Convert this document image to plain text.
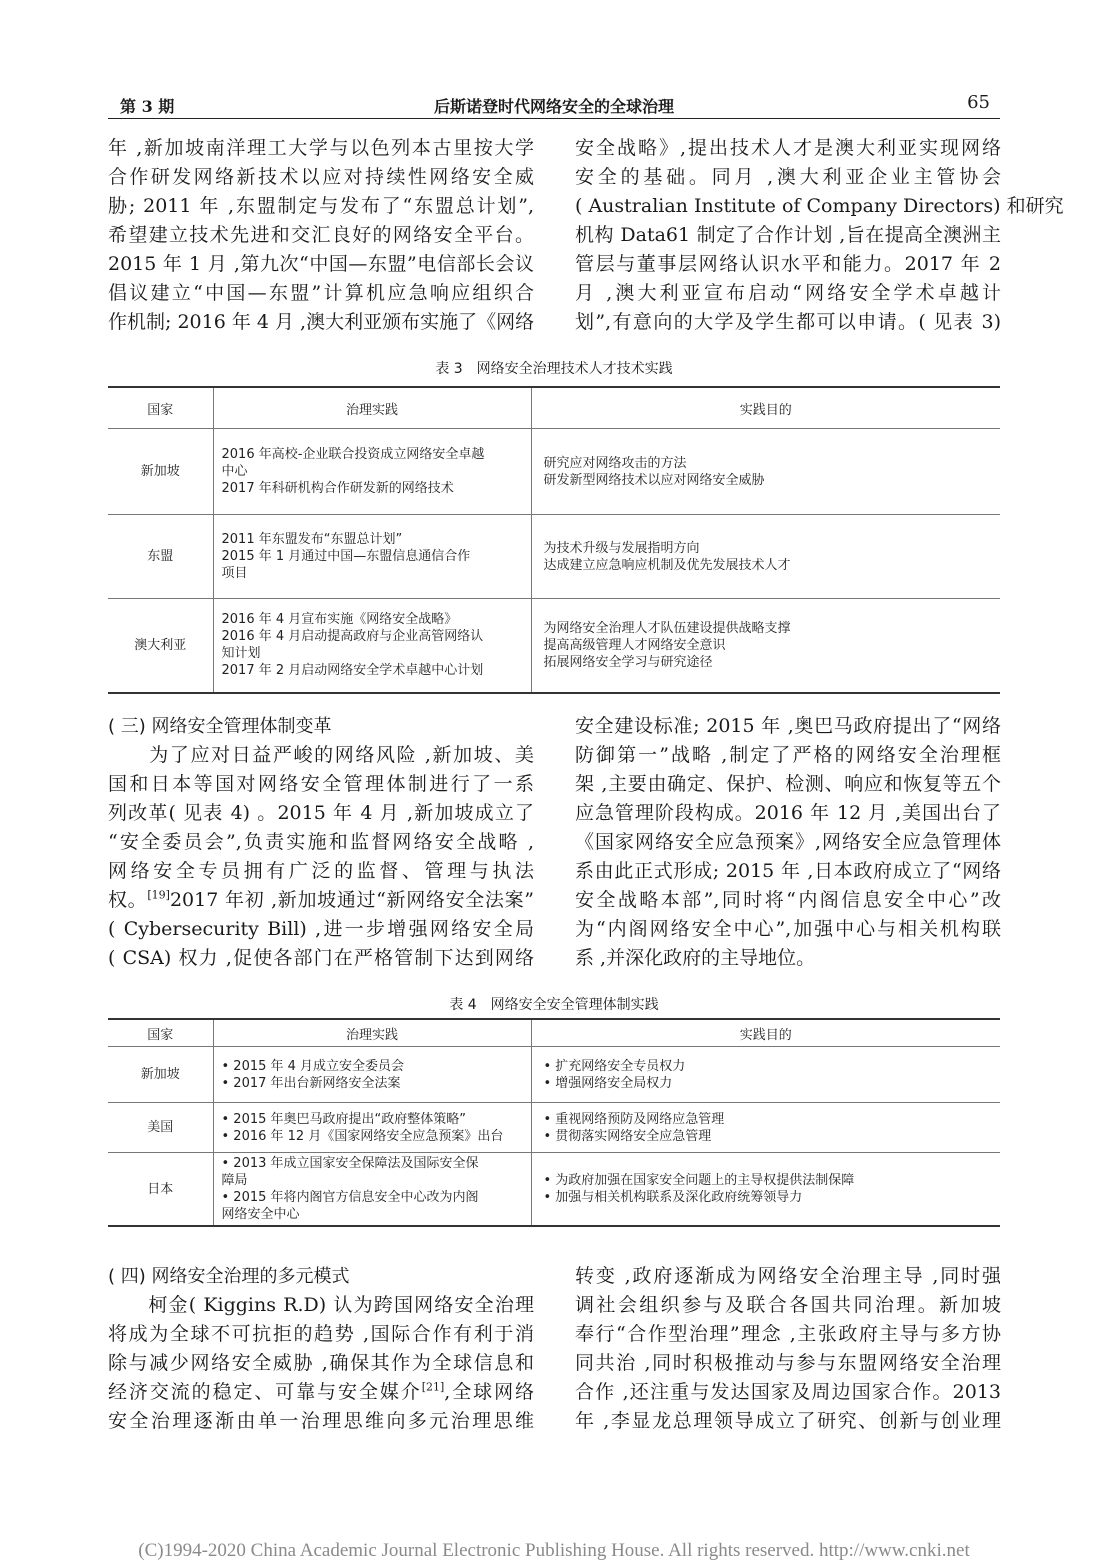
第 3 期	后斯诺登时代网络安全的全球治理	65
年 ,新加坡南洋理工大学与以色列本古里按大学
合作研发网络新技术以应对持续性网络安全威
胁; 2011 年 ,东盟制定与发布了“东盟总计划”,
希望建立技术先进和交汇良好的网络安全平台。
2015 年 1 月 ,第九次“中国—东盟”电信部长会议
倡议建立“中国—东盟”计算机应急响应组织合
作机制; 2016 年 4 月 ,澳大利亚颁布实施了《网络
安全战略》,提出技术人才是澳大利亚实现网络
安全的基础。同月 ,澳大利亚企业主管协会
( Australian Institute of Company Directors) 和研究
机构 Data61 制定了合作计划 ,旨在提高全澳洲主
管层与董事层网络认识水平和能力。2017 年 2
月 ,澳大利亚宣布启动“网络安全学术卓越计
划”,有意向的大学及学生都可以申请。( 见表 3)
表 3　网络安全治理技术人才技术实践
国家	治理实践	实践目的
新加坡	2016 年高校-企业联合投资成立网络安全卓越
中心
2017 年科研机构合作研发新的网络技术	研究应对网络攻击的方法
研发新型网络技术以应对网络安全威胁

东盟	2011 年东盟发布“东盟总计划”
2015 年 1 月通过中国—东盟信息通信合作
项目	为技术升级与发展指明方向
达成建立应急响应机制及优先发展技术人才

澳大利亚	2016 年 4 月宣布实施《网络安全战略》
2016 年 4 月启动提高政府与企业高管网络认
知计划
2017 年 2 月启动网络安全学术卓越中心计划	为网络安全治理人才队伍建设提供战略支撑
提高高级管理人才网络安全意识
拓展网络安全学习与研究途径
( 三) 网络安全管理体制变革
　　为了应对日益严峻的网络风险 ,新加坡、美
国和日本等国对网络安全管理体制进行了一系
列改革( 见表 4) 。2015 年 4 月 ,新加坡成立了
“安全委员会”,负责实施和监督网络安全战略 ,
网络安全专员拥有广泛的监督、管理与执法
权。[19]2017 年初 ,新加坡通过“新网络安全法案”
( Cybersecurity Bill) ,进一步增强网络安全局
( CSA) 权力 ,促使各部门在严格管制下达到网络
安全建设标准; 2015 年 ,奥巴马政府提出了“网络
防御第一”战略 ,制定了严格的网络安全治理框
架 ,主要由确定、保护、检测、响应和恢复等五个
应急管理阶段构成。2016 年 12 月 ,美国出台了
《国家网络安全应急预案》,网络安全应急管理体
系由此正式形成; 2015 年 ,日本政府成立了“网络
安全战略本部”,同时将“内阁信息安全中心”改
为“内阁网络安全中心”,加强中心与相关机构联
系 ,并深化政府的主导地位。
表 4　网络安全安全管理体制实践
国家	治理实践	实践目的
新加坡	• 2015 年 4 月成立安全委员会
• 2017 年出台新网络安全法案	• 扩充网络安全专员权力
• 增强网络安全局权力

美国	• 2015 年奥巴马政府提出“政府整体策略”
• 2016 年 12 月《国家网络安全应急预案》出台	• 重视网络预防及网络应急管理
• 贯彻落实网络安全应急管理

日本	• 2013 年成立国家安全保障法及国际安全保
障局
• 2015 年将内阁官方信息安全中心改为内阁
网络安全中心	• 为政府加强在国家安全问题上的主导权提供法制保障
• 加强与相关机构联系及深化政府统筹领导力
( 四) 网络安全治理的多元模式
　　柯金( Kiggins R.D) 认为跨国网络安全治理
将成为全球不可抗拒的趋势 ,国际合作有利于消
除与减少网络安全威胁 ,确保其作为全球信息和
经济交流的稳定、可靠与安全媒介[21],全球网络
安全治理逐渐由单一治理思维向多元治理思维
转变 ,政府逐渐成为网络安全治理主导 ,同时强
调社会组织参与及联合各国共同治理。新加坡
奉行“合作型治理”理念 ,主张政府主导与多方协
同共治 ,同时积极推动与参与东盟网络安全治理
合作 ,还注重与发达国家及周边国家合作。2013
年 ,李显龙总理领导成立了研究、创新与创业理
(C)1994-2020 China Academic Journal Electronic Publishing House. All rights reserved. http://www.cnki.net
